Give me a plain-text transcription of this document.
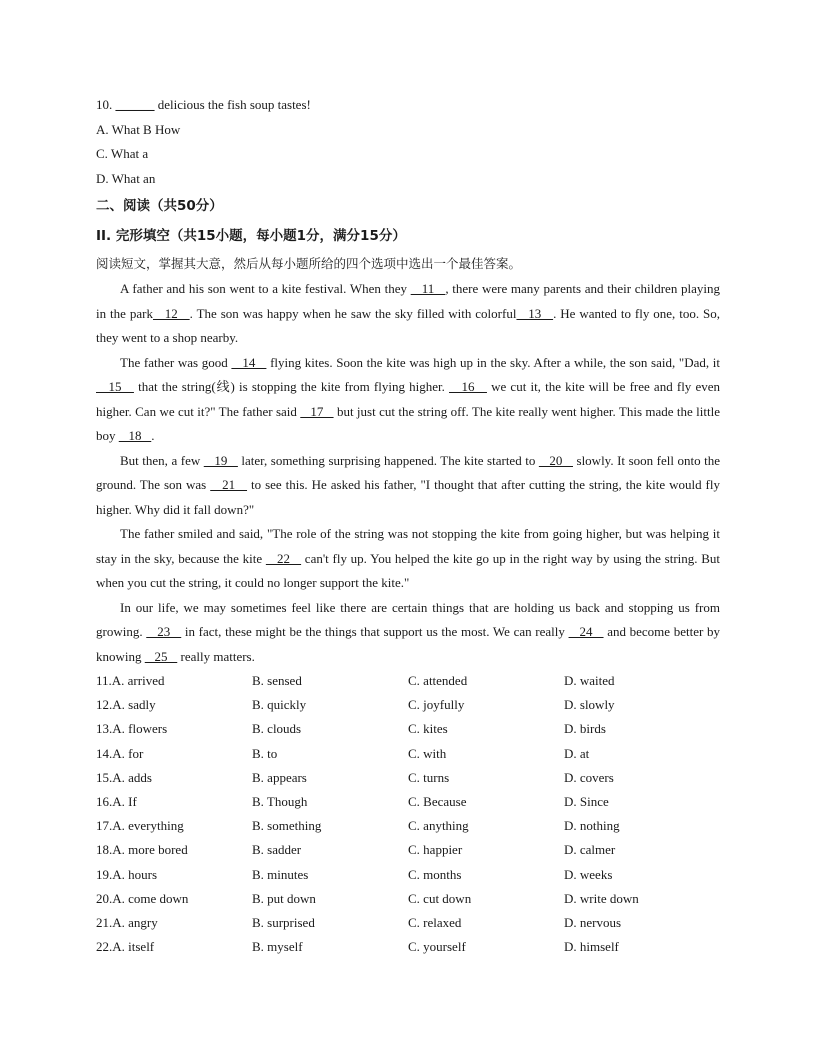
10. ______ delicious the fish soup tastes!
A. What B How
C. What a
D. What an
二、阅读（共50分）
II. 完形填空（共15小题，每小题1分，满分15分）
阅读短文，掌握其大意，然后从每小题所给的四个选项中选出一个最佳答案。

A father and his son went to a kite festival. When they    11   , there were many parents and their children playing in the park   12   . The son was happy when he saw the sky filled with colorful   13   . He wanted to fly one, too. So, they went to a shop nearby.

The father was good    14    flying kites. Soon the kite was high up in the sky. After a while, the son said, "Dad, it    15    that the string(线) is stopping the kite from flying higher.    16    we cut it, the kite will be free and fly even higher. Can we cut it?" The father said    17    but just cut the string off. The kite really went higher. This made the little boy    18   .

But then, a few    19    later, something surprising happened. The kite started to    20    slowly. It soon fell onto the ground. The son was    21    to see this. He asked his father, "I thought that after cutting the string, the kite would fly higher. Why did it fall down?"

The father smiled and said, "The role of the string was not stopping the kite from going higher, but was helping it stay in the sky, because the kite    22    can't fly up. You helped the kite go up in the right way by using the string. But when you cut the string, it could no longer support the kite."

In our life, we may sometimes feel like there are certain things that are holding us back and stopping us from growing.    23    in fact, these might be the things that support us the most. We can really    24    and become better by knowing    25    really matters.

11.A. arrived	B. sensed	C. attended	D. waited
12.A. sadly	B. quickly	C. joyfully	D. slowly
13.A. flowers	B. clouds	C. kites	D. birds
14.A. for	B. to	C. with	D. at
15.A. adds	B. appears	C. turns	D. covers
16.A. If	B. Though	C. Because	D. Since
17.A. everything	B. something	C. anything	D. nothing
18.A. more bored	B. sadder	C. happier	D. calmer
19.A. hours	B. minutes	C. months	D. weeks
20.A. come down	B. put down	C. cut down	D. write down
21.A. angry	B. surprised	C. relaxed	D. nervous
22.A. itself	B. myself	C. yourself	D. himself
